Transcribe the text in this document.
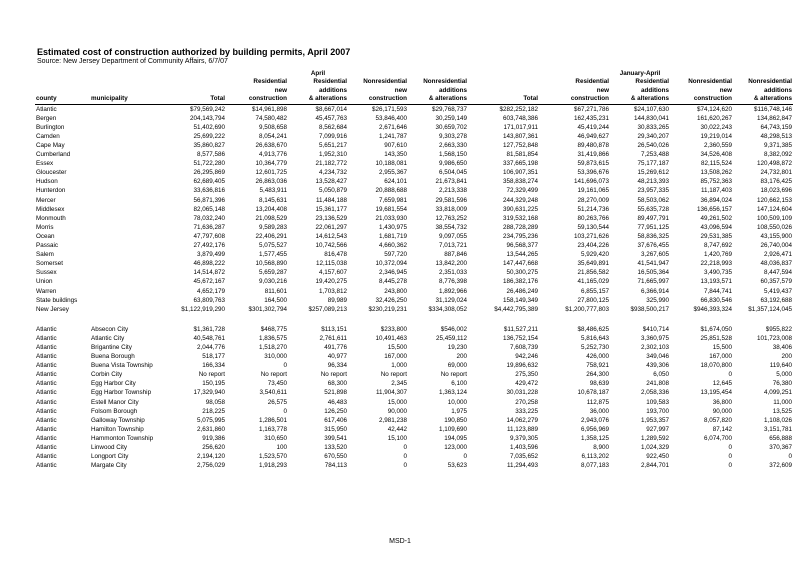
Estimated cost of construction authorized by building permits, April 2007
Source: New Jersey Department of Community Affairs, 6/7/07
				April					January-April		
			Residential	Residential	Nonresidential	Nonresidential		Residential	Residential	Nonresidential	Nonresidential
			new	additions	new	additions		new	additions	new	additions
county	municipality	Total	construction	& alterations	construction	& alterations	Total	construction	& alterations	construction	& alterations
Atlantic		$79,569,242	$14,961,898	$8,667,014	$26,171,593	$29,768,737	$282,252,182	$67,271,786	$24,107,630	$74,124,620	$116,748,146
Bergen		204,143,794	74,580,482	45,457,763	53,846,400	30,259,149	603,748,386	162,435,231	144,830,041	161,620,267	134,862,847
Burlington		51,402,690	9,508,658	8,562,684	2,671,646	30,659,702	171,017,911	45,419,244	30,833,265	30,022,243	64,743,159
Camden		25,699,222	8,054,241	7,099,916	1,241,787	9,303,278	143,807,361	46,949,627	29,340,207	19,219,014	48,298,513
Cape May		35,860,827	26,638,670	5,651,217	907,610	2,663,330	127,752,848	89,480,878	26,540,026	2,360,559	9,371,385
Cumberland		8,577,586	4,913,776	1,952,310	143,350	1,568,150	81,581,854	31,419,866	7,253,488	34,526,408	8,382,092
Essex		51,722,280	10,364,779	21,182,772	10,188,081	9,986,650	337,665,198	59,873,615	75,177,187	82,115,524	120,498,872
Gloucester		26,295,869	12,601,725	4,234,732	2,955,367	6,504,045	106,907,351	53,396,676	15,269,612	13,508,262	24,732,801
Hudson		62,689,405	26,863,036	13,528,427	624,101	21,673,841	358,838,274	141,696,073	48,213,393	85,752,363	83,176,425
Hunterdon		33,636,816	5,483,911	5,050,879	20,888,688	2,213,338	72,329,499	19,161,065	23,957,335	11,187,403	18,023,696
Mercer		56,871,396	8,145,631	11,484,188	7,659,981	29,581,596	244,329,248	28,270,009	58,503,062	36,894,024	120,662,153
Middlesex		82,065,148	13,204,408	15,361,177	19,681,554	33,818,009	390,631,225	51,214,736	55,635,728	136,656,157	147,124,604
Monmouth		78,032,240	21,098,529	23,136,529	21,033,930	12,763,252	319,532,168	80,263,766	89,497,791	49,261,502	100,509,109
Morris		71,636,287	9,589,283	22,061,297	1,430,975	38,554,732	288,728,289	59,130,544	77,951,125	43,096,594	108,550,026
Ocean		47,797,608	22,406,291	14,612,543	1,681,719	9,097,055	234,795,236	103,271,626	58,836,325	29,531,385	43,155,900
Passaic		27,492,176	5,075,527	10,742,566	4,660,362	7,013,721	96,568,377	23,404,226	37,676,455	8,747,692	26,740,004
Salem		3,879,499	1,577,455	816,478	597,720	887,846	13,544,265	5,929,420	3,267,605	1,420,769	2,926,471
Somerset		46,898,222	10,568,890	12,115,038	10,372,094	13,842,200	147,447,668	35,649,891	41,541,947	22,218,993	48,036,837
Sussex		14,514,872	5,659,287	4,157,607	2,346,945	2,351,033	50,300,275	21,856,582	16,505,364	3,490,735	8,447,594
Union		45,672,167	9,030,216	19,420,275	8,445,278	8,776,398	186,382,176	41,165,029	71,665,997	13,193,571	60,357,579
Warren		4,652,179	811,601	1,703,812	243,800	1,892,966	26,486,249	6,855,157	6,366,914	7,844,741	5,419,437
State buildings		63,809,763	164,500	89,989	32,426,250	31,129,024	158,149,349	27,800,125	325,990	66,830,546	63,192,688
New Jersey		$1,122,919,290	$301,302,794	$257,089,213	$230,219,231	$334,308,052	$4,442,795,389	$1,200,777,803	$938,500,217	$946,393,324	$1,357,124,045

Atlantic	Absecon City	$1,361,728	$468,775	$113,151	$233,800	$546,002	$11,527,211	$8,486,625	$410,714	$1,674,050	$955,822
Atlantic	Atlantic City	40,548,761	1,836,575	2,761,611	10,491,463	25,459,112	136,752,154	5,816,643	3,360,975	25,851,528	101,723,008
Atlantic	Brigantine City	2,044,776	1,518,270	491,776	15,500	19,230	7,608,739	5,252,730	2,302,103	15,500	38,406
Atlantic	Buena Borough	518,177	310,000	40,977	167,000	200	942,246	426,000	349,046	167,000	200
Atlantic	Buena Vista Township	166,334	0	96,334	1,000	69,000	19,896,632	758,921	439,306	18,070,800	119,640
Atlantic	Corbin City	No report	No report	No report	No report	No report	275,350	264,300	6,050	0	5,000
Atlantic	Egg Harbor City	150,195	73,450	68,300	2,345	6,100	429,472	98,639	241,808	12,645	76,380
Atlantic	Egg Harbor Township	17,329,940	3,540,611	521,898	11,904,307	1,363,124	30,031,228	10,678,187	2,058,336	13,195,454	4,099,251
Atlantic	Estell Manor City	98,058	26,575	46,483	15,000	10,000	270,258	112,875	109,583	36,800	11,000
Atlantic	Folsom Borough	218,225	0	126,250	90,000	1,975	333,225	36,000	193,700	90,000	13,525
Atlantic	Galloway Township	5,075,995	1,286,501	617,406	2,981,238	190,850	14,062,279	2,943,076	1,953,357	8,057,820	1,108,026
Atlantic	Hamilton Township	2,631,860	1,163,778	315,950	42,442	1,109,690	11,123,889	6,956,969	927,997	87,142	3,151,781
Atlantic	Hammonton Township	919,386	310,650	399,541	15,100	194,095	9,379,305	1,358,125	1,289,592	6,074,700	656,888
Atlantic	Linwood City	256,620	100	133,520	0	123,000	1,403,596	8,900	1,024,329	0	370,367
Atlantic	Longport City	2,194,120	1,523,570	670,550	0	0	7,035,652	6,113,202	922,450	0	0
Atlantic	Margate City	2,756,029	1,918,293	784,113	0	53,623	11,294,493	8,077,183	2,844,701	0	372,609
MSD-1
